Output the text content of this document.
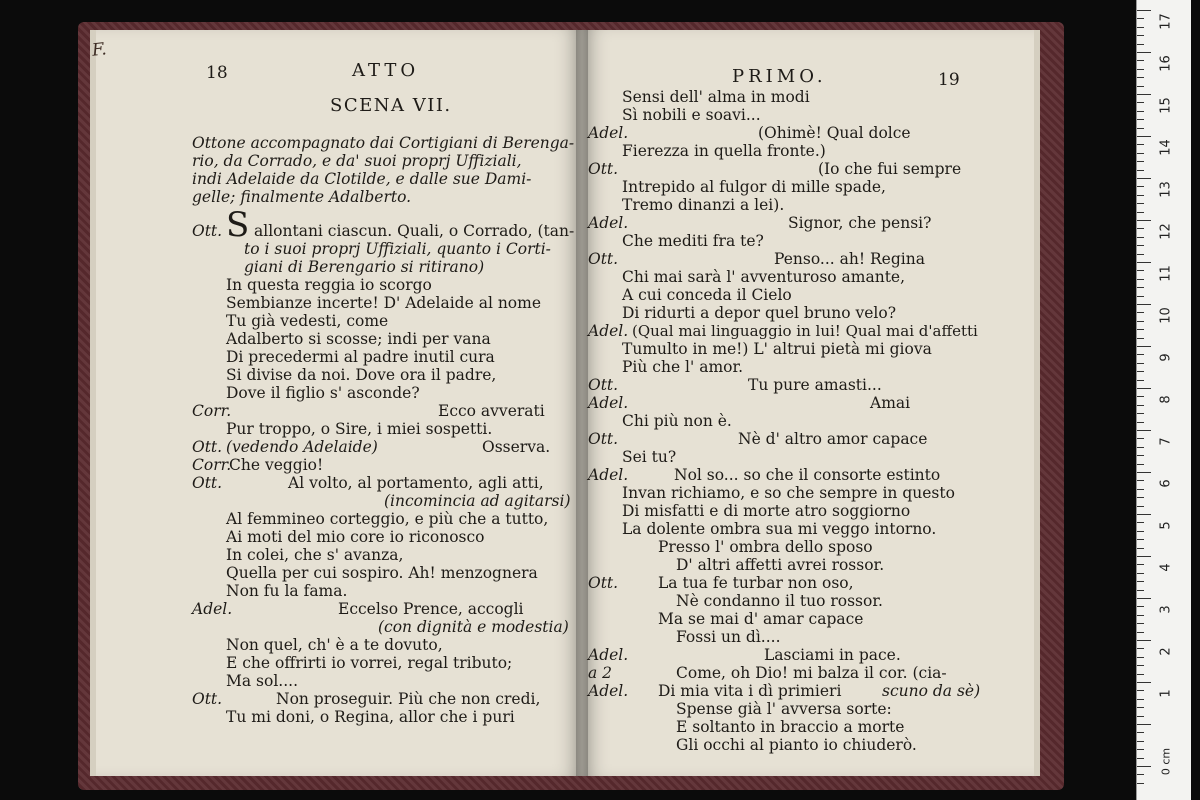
F.
18	ATTO
SCENA VII.
Ottone accompagnato dai Cortigiani di Berenga-
rio, da Corrado, e da' suoi proprj Uffiziali,
indi Adelaide da Clotilde, e dalle sue Dami-
gelle; finalmente Adalberto.
Ott. S allontani ciascun. Quali, o Corrado, (tan-
to i suoi proprj Uffiziali, quanto i Corti-
giani di Berengario si ritirano)
In questa reggia io scorgo
Sembianze incerte! D' Adelaide al nome
Tu già vedesti, come
Adalberto si scosse; indi per vana
Di precedermi al padre inutil cura
Si divise da noi. Dove ora il padre,
Dove il figlio s' asconde?
Corr.	Ecco avverati
Pur troppo, o Sire, i miei sospetti.
Ott. (vedendo Adelaide)	Osserva.
Corr.
Che veggio!
Ott.	Al volto, al portamento, agli atti,
(incomincia ad agitarsi)
Al femmineo corteggio, e più che a tutto,
Ai moti del mio core io riconosco
In colei, che s' avanza,
Quella per cui sospiro. Ah! menzognera
Non fu la fama.
Adel.	Eccelso Prence, accogli
(con dignità e modestia)
Non quel, ch' è a te dovuto,
E che offrirti io vorrei, regal tributo;
Ma sol....
Ott.	Non proseguir. Più che non credi,
Tu mi doni, o Regina, allor che i puri
PRIMO.	19
Sensi dell' alma in modi
Sì nobili e soavi...
Adel.	(Ohimè! Qual dolce
Fierezza in quella fronte.)
Ott.	(Io che fui sempre
Intrepido al fulgor di mille spade,
Tremo dinanzi a lei).
Adel.	Signor, che pensi?
Che mediti fra te?
Ott.	Penso... ah! Regina
Chi mai sarà l' avventuroso amante,
A cui conceda il Cielo
Di ridurti a depor quel bruno velo?
Adel. (Qual mai linguaggio in lui! Qual mai d'affetti
Tumulto in me!) L' altrui pietà mi giova
Più che l' amor.
Ott.	Tu pure amasti...
Adel.	Amai
Chi più non è.
Ott.	Nè d' altro amor capace
Sei tu?
Adel.	Nol so... so che il consorte estinto
Invan richiamo, e so che sempre in questo
Di misfatti e di morte atro soggiorno
La dolente ombra sua mi veggo intorno.
Presso l' ombra dello sposo
D' altri affetti avrei rossor.
Ott.	La tua fe turbar non oso,
Nè condanno il tuo rossor.
Ma se mai d' amar capace
Fossi un dì....
Adel.	Lasciami in pace.
a 2	Come, oh Dio! mi balza il cor. (cia-
Adel. Di mia vita i dì primieri	scuno da sè)
Spense già l' avversa sorte:
E soltanto in braccio a morte
Gli occhi al pianto io chiuderò.
17
16
15
14
13
12
11
10
9
8
7
6
5
4
3
2
1
0 cm
